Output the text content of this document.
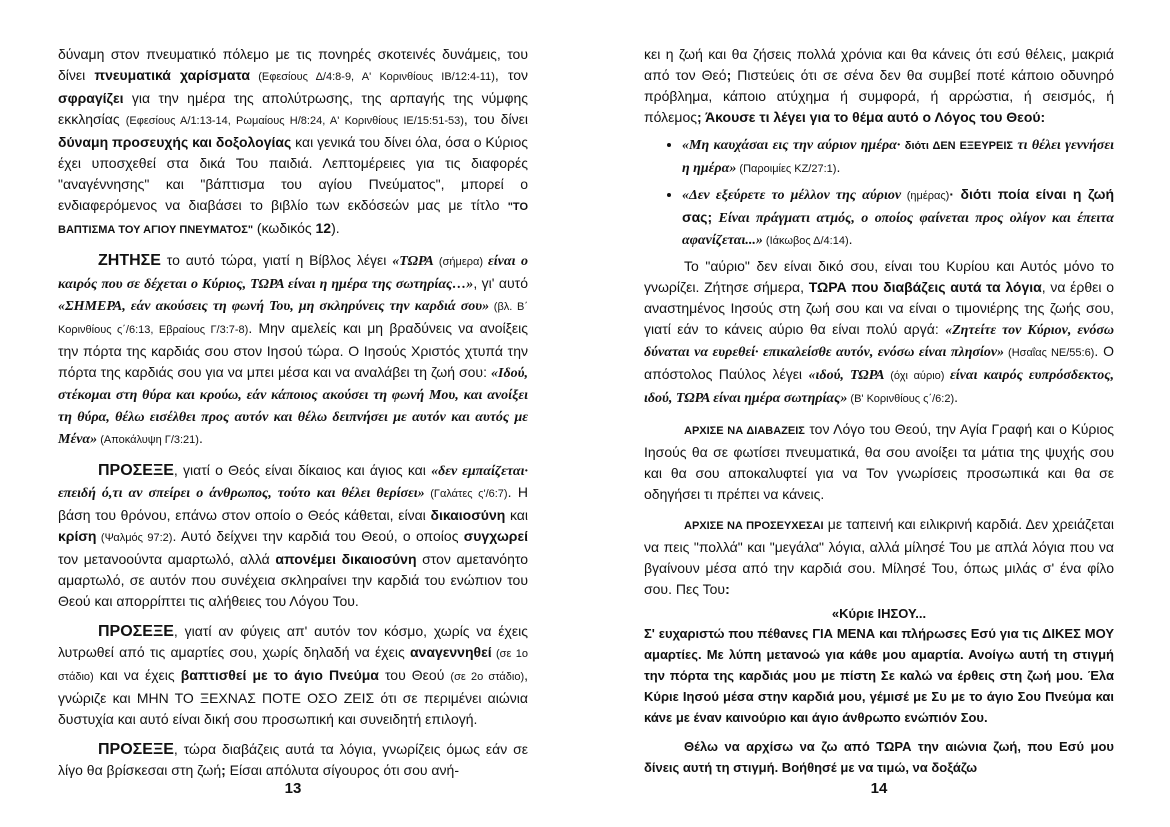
δύναμη στον πνευματικό πόλεμο με τις πονηρές σκοτεινές δυνάμεις, του δίνει πνευματικά χαρίσματα (Εφεσίους Δ/4:8-9, Α' Κορινθίους ΙΒ/12:4-11), τον σφραγίζει για την ημέρα της απολύτρωσης, της αρπαγής της νύμφης εκκλησίας (Εφεσίους Α/1:13-14, Ρωμαίους Η/8:24, Α' Κορινθίους ΙΕ/15:51-53), του δίνει δύναμη προσευχής και δοξολογίας και γενικά του δίνει όλα, όσα ο Κύριος έχει υποσχεθεί στα δικά Του παιδιά. Λεπτομέρειες για τις διαφορές "αναγέννησης" και "βάπτισμα του αγίου Πνεύματος", μπορεί ο ενδιαφερόμενος να διαβάσει το βιβλίο των εκδόσεών μας με τίτλο "ΤΟ ΒΑΠΤΙΣΜΑ ΤΟΥ ΑΓΙΟΥ ΠΝΕΥΜΑΤΟΣ" (κωδικός 12).

ΖΗΤΗΣΕ το αυτό τώρα, γιατί η Βίβλος λέγει «ΤΩΡΑ (σήμερα) είναι ο καιρός που σε δέχεται ο Κύριος, ΤΩΡΑ είναι η ημέρα της σωτηρίας…», γι' αυτό «ΣΗΜΕΡΑ, εάν ακούσεις τη φωνή Του, μη σκληρύνεις την καρδιά σου» (βλ. Β΄ Κορινθίους ς΄/6:13, Εβραίους Γ/3:7-8). Μην αμελείς και μη βραδύνεις να ανοίξεις την πόρτα της καρδιάς σου στον Ιησού τώρα. Ο Ιησούς Χριστός χτυπά την πόρτα της καρδιάς σου για να μπει μέσα και να αναλάβει τη ζωή σου: «Ιδού, στέκομαι στη θύρα και κρούω, εάν κάποιος ακούσει τη φωνή Μου, και ανοίξει τη θύρα, θέλω εισέλθει προς αυτόν και θέλω δειπνήσει με αυτόν και αυτός με Μένα» (Αποκάλυψη Γ/3:21).

ΠΡΟΣΕΞΕ, γιατί ο Θεός είναι δίκαιος και άγιος και «δεν εμπαίζεται· επειδή ό,τι αν σπείρει ο άνθρωπος, τούτο και θέλει θερίσει» (Γαλάτες ς'/6:7). Η βάση του θρόνου, επάνω στον οποίο ο Θεός κάθεται, είναι δικαιοσύνη και κρίση (Ψαλμός 97:2). Αυτό δείχνει την καρδιά του Θεού, ο οποίος συγχωρεί τον μετανοούντα αμαρτωλό, αλλά απονέμει δικαιοσύνη στον αμετανόητο αμαρτωλό, σε αυτόν που συνέχεια σκληραίνει την καρδιά του ενώπιον του Θεού και απορρίπτει τις αλήθειες του Λόγου Του.

ΠΡΟΣΕΞΕ, γιατί αν φύγεις απ' αυτόν τον κόσμο, χωρίς να έχεις λυτρωθεί από τις αμαρτίες σου, χωρίς δηλαδή να έχεις αναγεννηθεί (σε 1ο στάδιο) και να έχεις βαπτισθεί με το άγιο Πνεύμα του Θεού (σε 2ο στάδιο), γνώριζε και ΜΗΝ ΤΟ ΞΕΧΝΑΣ ΠΟΤΕ ΟΣΟ ΖΕΙΣ ότι σε περιμένει αιώνια δυστυχία και αυτό είναι δική σου προσωπική και συνειδητή επιλογή.

ΠΡΟΣΕΞΕ, τώρα διαβάζεις αυτά τα λόγια, γνωρίζεις όμως εάν σε λίγο θα βρίσκεσαι στη ζωή; Είσαι απόλυτα σίγουρος ότι σου ανή-

13

κει η ζωή και θα ζήσεις πολλά χρόνια και θα κάνεις ότι εσύ θέλεις, μακριά από τον Θεό; Πιστεύεις ότι σε σένα δεν θα συμβεί ποτέ κάποιο οδυνηρό πρόβλημα, κάποιο ατύχημα ή συμφορά, ή αρρώστια, ή σεισμός, ή πόλεμος; Άκουσε τι λέγει για το θέμα αυτό ο Λόγος του Θεού:

• «Μη καυχάσαι εις την αύριον ημέρα· διότι ΔΕΝ ΕΞΕΥΡΕΙΣ τι θέλει γεννήσει η ημέρα» (Παροιμίες ΚΖ/27:1).
• «Δεν εξεύρετε το μέλλον της αύριον (ημέρας)· διότι ποία είναι η ζωή σας; Είναι πράγματι ατμός, ο οποίος φαίνεται προς ολίγον και έπειτα αφανίζεται...» (Ιάκωβος Δ/4:14).

Το "αύριο" δεν είναι δικό σου, είναι του Κυρίου και Αυτός μόνο το γνωρίζει. Ζήτησε σήμερα, ΤΩΡΑ που διαβάζεις αυτά τα λόγια, να έρθει ο αναστημένος Ιησούς στη ζωή σου και να είναι ο τιμονιέρης της ζωής σου, γιατί εάν το κάνεις αύριο θα είναι πολύ αργά: «Ζητείτε τον Κύριον, ενόσω δύναται να ευρεθεί· επικαλείσθε αυτόν, ενόσω είναι πλησίον» (Ησαΐας ΝΕ/55:6). Ο απόστολος Παύλος λέγει «ιδού, ΤΩΡΑ (όχι αύριο) είναι καιρός ευπρόσδεκτος, ιδού, ΤΩΡΑ είναι ημέρα σωτηρίας» (Β' Κορινθίους ς΄/6:2).

ΑΡΧΙΣΕ ΝΑ ΔΙΑΒΑΖΕΙΣ τον Λόγο του Θεού, την Αγία Γραφή και ο Κύριος Ιησούς θα σε φωτίσει πνευματικά, θα σου ανοίξει τα μάτια της ψυχής σου και θα σου αποκαλυφτεί για να Τον γνωρίσεις προσωπικά και θα σε οδηγήσει τι πρέπει να κάνεις.

ΑΡΧΙΣΕ ΝΑ ΠΡΟΣΕΥΧΕΣΑΙ με ταπεινή και ειλικρινή καρδιά. Δεν χρειάζεται να πεις "πολλά" και "μεγάλα" λόγια, αλλά μίλησέ Του με απλά λόγια που να βγαίνουν μέσα από την καρδιά σου. Μίλησέ Του, όπως μιλάς σ' ένα φίλο σου. Πες Του:

«Κύριε ΙΗΣΟΥ...

Σ' ευχαριστώ που πέθανες ΓΙΑ ΜΕΝΑ και πλήρωσες Εσύ για τις ΔΙΚΕΣ ΜΟΥ αμαρτίες. Με λύπη μετανοώ για κάθε μου αμαρτία. Ανοίγω αυτή τη στιγμή την πόρτα της καρδιάς μου με πίστη Σε καλώ να έρθεις στη ζωή μου. Έλα Κύριε Ιησού μέσα στην καρδιά μου, γέμισέ με Συ με το άγιο Σου Πνεύμα και κάνε με έναν καινούριο και άγιο άνθρωπο ενώπιόν Σου.

Θέλω να αρχίσω να ζω από ΤΩΡΑ την αιώνια ζωή, που Εσύ μου δίνεις αυτή τη στιγμή. Βοήθησέ με να τιμώ, να δοξάζω

14
